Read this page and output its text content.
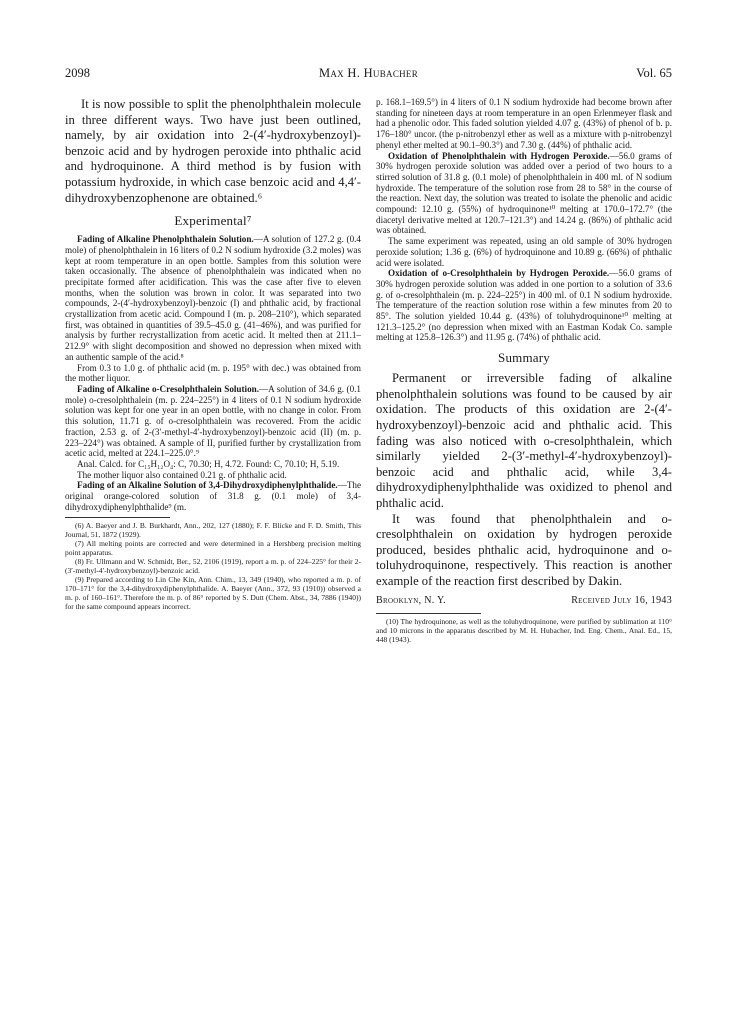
2098	Max H. Hubacher	Vol. 65

It is now possible to split the phenolphthalein molecule in three different ways. Two have just been outlined, namely, by air oxidation into 2-(4′-hydroxybenzoyl)-benzoic acid and by hydrogen peroxide into phthalic acid and hydroquinone. A third method is by fusion with potassium hydroxide, in which case benzoic acid and 4,4′-dihydroxybenzophenone are obtained.⁶

Experimental⁷

Fading of Alkaline Phenolphthalein Solution.—A solution of 127.2 g. (0.4 mole) of phenolphthalein in 16 liters of 0.2 N sodium hydroxide (3.2 moles) was kept at room temperature in an open bottle. Samples from this solution were taken occasionally. The absence of phenolphthalein was indicated when no precipitate formed after acidification. This was the case after five to eleven months, when the solution was brown in color. It was separated into two compounds, 2-(4′-hydroxybenzoyl)-benzoic (I) and phthalic acid, by fractional crystallization from acetic acid. Compound I (m. p. 208–210°), which separated first, was obtained in quantities of 39.5–45.0 g. (41–46%), and was purified for analysis by further recrystallization from acetic acid. It melted then at 211.1–212.9° with slight decomposition and showed no depression when mixed with an authentic sample of the acid.⁸

From 0.3 to 1.0 g. of phthalic acid (m. p. 195° with dec.) was obtained from the mother liquor.

Fading of Alkaline o-Cresolphthalein Solution.—A solution of 34.6 g. (0.1 mole) o-cresolphthalein (m. p. 224–225°) in 4 liters of 0.1 N sodium hydroxide solution was kept for one year in an open bottle, with no change in color. From this solution, 11.71 g. of o-cresolphthalein was recovered. From the acidic fraction, 2.53 g. of 2-(3′-methyl-4′-hydroxybenzoyl)-benzoic acid (II) (m. p. 223–224°) was obtained. A sample of II, purified further by crystallization from acetic acid, melted at 224.1–225.0°.⁹

Anal. Calcd. for C₁₅H₁₂O₄: C, 70.30; H, 4.72. Found: C, 70.10; H, 5.19.

The mother liquor also contained 0.21 g. of phthalic acid.

Fading of an Alkaline Solution of 3,4-Dihydroxydiphenylphthalide.—The original orange-colored solution of 31.8 g. (0.1 mole) of 3,4-dihydroxydiphenylphthalide⁹ (m.

(6) A. Baeyer and J. B. Burkhardt, Ann., 202, 127 (1880); F. F. Blicke and F. D. Smith, This Journal, 51, 1872 (1929).

(7) All melting points are corrected and were determined in a Hershberg precision melting point apparatus.

(8) Fr. Ullmann and W. Schmidt, Ber., 52, 2106 (1919), report a m. p. of 224–225° for their 2-(3′-methyl-4′-hydroxybenzoyl)-benzoic acid.

(9) Prepared according to Lin Che Kin, Ann. Chim., 13, 349 (1940), who reported a m. p. of 170–171° for the 3,4-dihydroxydiphenylphthalide. A. Baeyer (Ann., 372, 93 (1910)) observed a m. p. of 160–161°. Therefore the m. p. of 86° reported by S. Dutt (Chem. Abst., 34, 7886 (1940)) for the same compound appears incorrect.

p. 168.1–169.5°) in 4 liters of 0.1 N sodium hydroxide had become brown after standing for nineteen days at room temperature in an open Erlenmeyer flask and had a phenolic odor. This faded solution yielded 4.07 g. (43%) of phenol of b. p. 176–180° uncor. (the p-nitrobenzyl ether as well as a mixture with p-nitrobenzyl phenyl ether melted at 90.1–90.3°) and 7.30 g. (44%) of phthalic acid.

Oxidation of Phenolphthalein with Hydrogen Peroxide.—56.0 grams of 30% hydrogen peroxide solution was added over a period of two hours to a stirred solution of 31.8 g. (0.1 mole) of phenolphthalein in 400 ml. of N sodium hydroxide. The temperature of the solution rose from 28 to 58° in the course of the reaction. Next day, the solution was treated to isolate the phenolic and acidic compound: 12.10 g. (55%) of hydroquinone¹⁰ melting at 170.0–172.7° (the diacetyl derivative melted at 120.7–121.3°) and 14.24 g. (86%) of phthalic acid was obtained.

The same experiment was repeated, using an old sample of 30% hydrogen peroxide solution; 1.36 g. (6%) of hydroquinone and 10.89 g. (66%) of phthalic acid were isolated.

Oxidation of o-Cresolphthalein by Hydrogen Peroxide.—56.0 grams of 30% hydrogen peroxide solution was added in one portion to a solution of 33.6 g. of o-cresolphthalein (m. p. 224–225°) in 400 ml. of 0.1 N sodium hydroxide. The temperature of the reaction solution rose within a few minutes from 20 to 85°. The solution yielded 10.44 g. (43%) of toluhydroquinone¹⁰ melting at 121.3–125.2° (no depression when mixed with an Eastman Kodak Co. sample melting at 125.8–126.3°) and 11.95 g. (74%) of phthalic acid.

Summary

Permanent or irreversible fading of alkaline phenolphthalein solutions was found to be caused by air oxidation. The products of this oxidation are 2-(4′-hydroxybenzoyl)-benzoic acid and phthalic acid. This fading was also noticed with o-cresolphthalein, which similarly yielded 2-(3′-methyl-4′-hydroxybenzoyl)-benzoic acid and phthalic acid, while 3,4-dihydroxydiphenylphthalide was oxidized to phenol and phthalic acid.

It was found that phenolphthalein and o-cresolphthalein on oxidation by hydrogen peroxide produced, besides phthalic acid, hydroquinone and o-toluhydroquinone, respectively. This reaction is another example of the reaction first described by Dakin.

Brooklyn, N. Y.	Received July 16, 1943

(10) The hydroquinone, as well as the toluhydroquinone, were purified by sublimation at 110° and 10 microns in the apparatus described by M. H. Hubacher, Ind. Eng. Chem., Anal. Ed., 15, 448 (1943).
